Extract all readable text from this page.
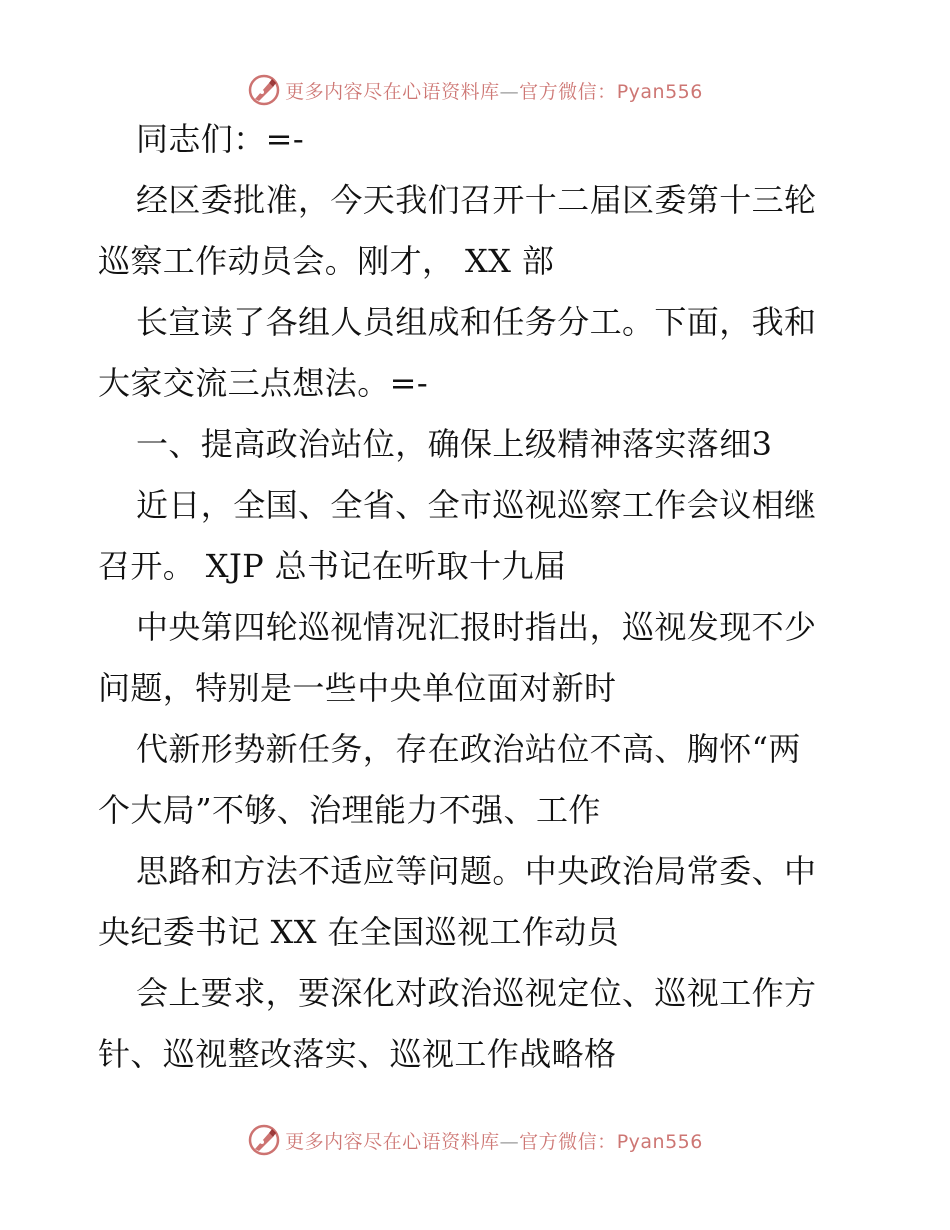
更多内容尽在心语资料库—官方微信：Pyan556
同志们：=-
经区委批准，今天我们召开十二届区委第十三轮
巡察工作动员会。刚才， XX 部
长宣读了各组人员组成和任务分工。下面，我和
大家交流三点想法。=-
一、提高政治站位，确保上级精神落实落细3
近日，全国、全省、全市巡视巡察工作会议相继
召开。 XJP 总书记在听取十九届
中央第四轮巡视情况汇报时指出，巡视发现不少
问题，特别是一些中央单位面对新时
代新形势新任务，存在政治站位不高、胸怀“两
个大局”不够、治理能力不强、工作
思路和方法不适应等问题。中央政治局常委、中
央纪委书记 XX 在全国巡视工作动员
会上要求，要深化对政治巡视定位、巡视工作方
针、巡视整改落实、巡视工作战略格
更多内容尽在心语资料库—官方微信：Pyan556
